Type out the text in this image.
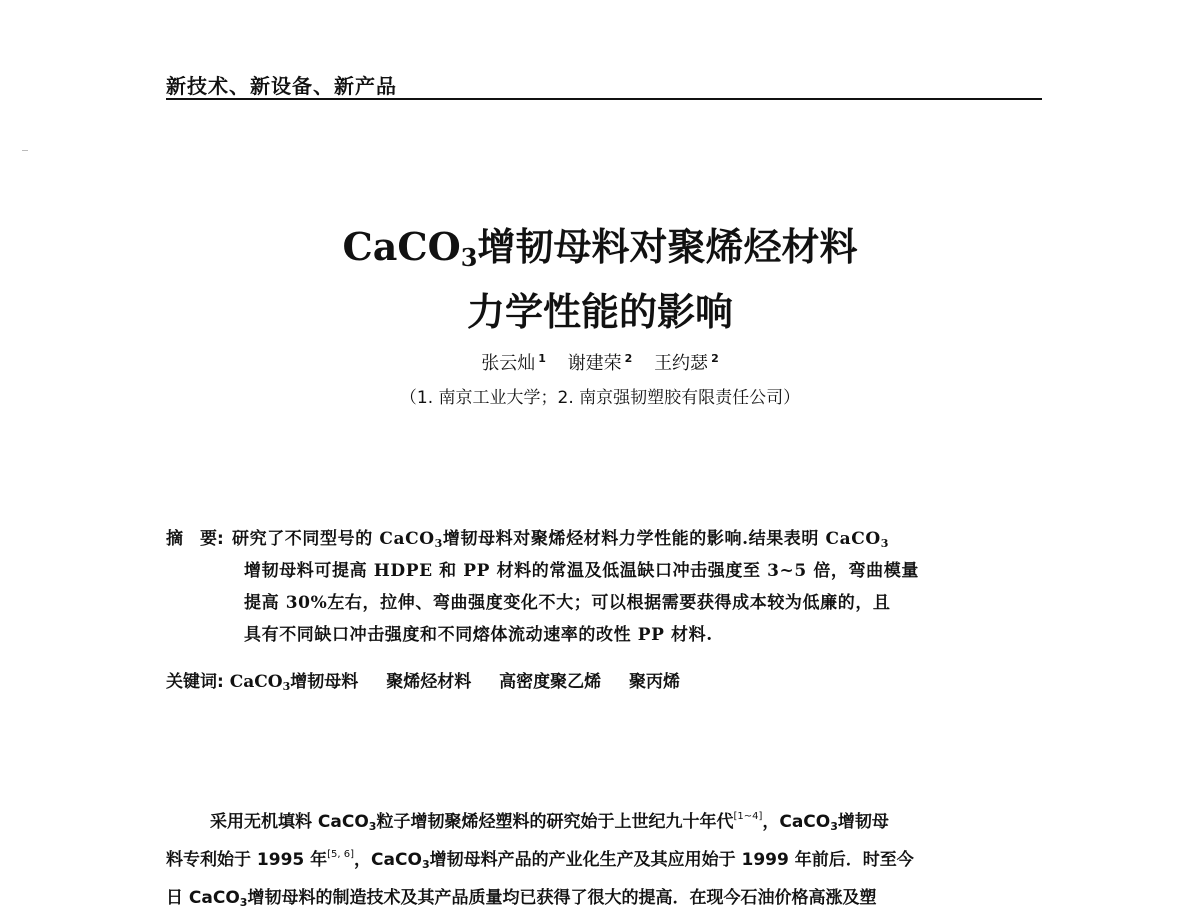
新技术、新设备、新产品
CaCO$_3$增韧母料对聚烯烃材料
力学性能的影响
张云灿 $^1$ 谢建荣 $^2$ 王约瑟 $^2$
（1. 南京工业大学；2. 南京强韧塑胶有限责任公司）
摘　要: 研究了不同型号的 CaCO$_3$增韧母料对聚烯烃材料力学性能的影响.结果表明 CaCO$_3$
增韧母料可提高 HDPE 和 PP 材料的常温及低温缺口冲击强度至 3~5 倍，弯曲模量
提高 30%左右，拉伸、弯曲强度变化不大；可以根据需要获得成本较为低廉的，且
具有不同缺口冲击强度和不同熔体流动速率的改性 PP 材料.
关键词: CaCO$_3$增韧母料 聚烯烃材料 高密度聚乙烯 聚丙烯
采用无机填料 CaCO$_3$粒子增韧聚烯烃塑料的研究始于上世纪九十年代[1~4]，CaCO$_3$增韧母
料专利始于 1995 年[5, 6]，CaCO$_3$增韧母料产品的产业化生产及其应用始于 1999 年前后．时至今
日 CaCO$_3$增韧母料的制造技术及其产品质量均已获得了很大的提高．在现今石油价格高涨及塑
